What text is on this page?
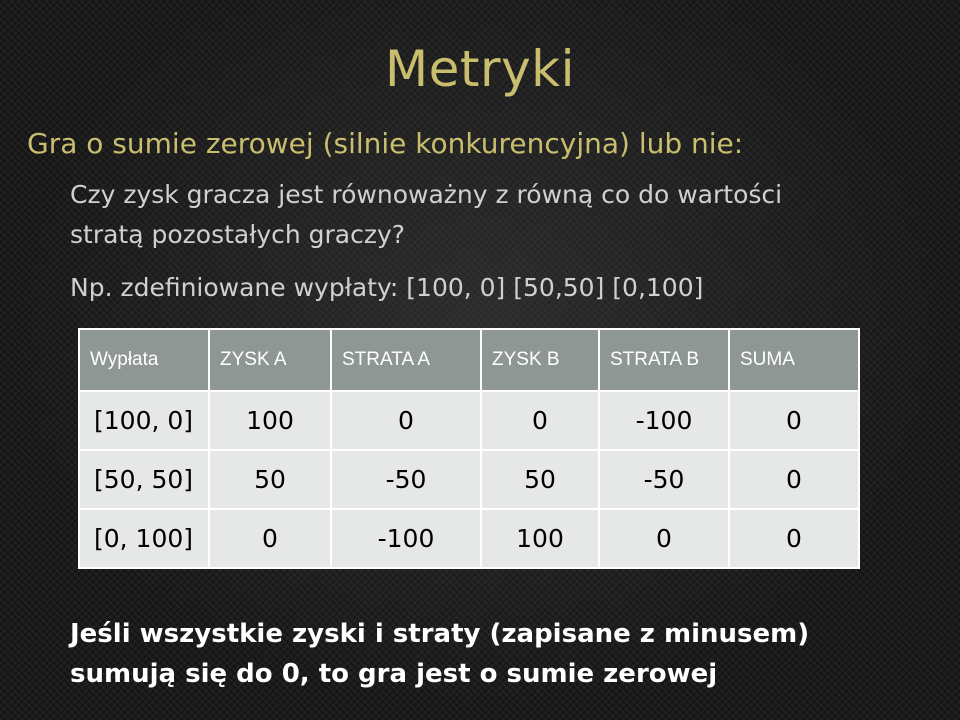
Metryki
Gra o sumie zerowej (silnie konkurencyjna) lub nie:
Czy zysk gracza jest równoważny z równą co do wartości
stratą pozostałych graczy?
Np. zdefiniowane wypłaty: [100, 0] [50,50] [0,100]
Wypłata	ZYSK A	STRATA A	ZYSK B	STRATA B	SUMA
[100, 0]	100	0	0	-100	0
[50, 50]	50	-50	50	-50	0
[0, 100]	0	-100	100	0	0
Jeśli wszystkie zyski i straty (zapisane z minusem)
sumują się do 0, to gra jest o sumie zerowej
